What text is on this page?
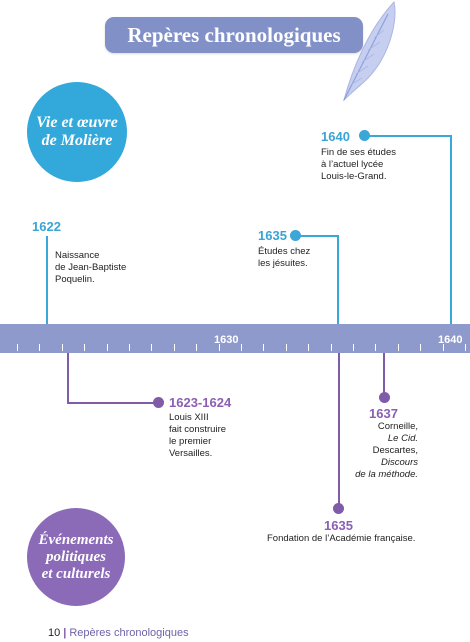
Repères chronologiques
Vie et œuvre
de Molière
Événements
politiques
et culturels
1630	1640
1622
Naissance
de Jean-Baptiste
Poquelin.
1635
Études chez
les jésuites.
1640
Fin de ses études
à l’actuel lycée
Louis-le-Grand.
1623-1624
Louis XIII
fait construire
le premier
Versailles.
1637
Corneille,
Le Cid.
Descartes,
Discours
de la méthode.
1635
Fondation de l’Académie française.
10 | Repères chronologiques
